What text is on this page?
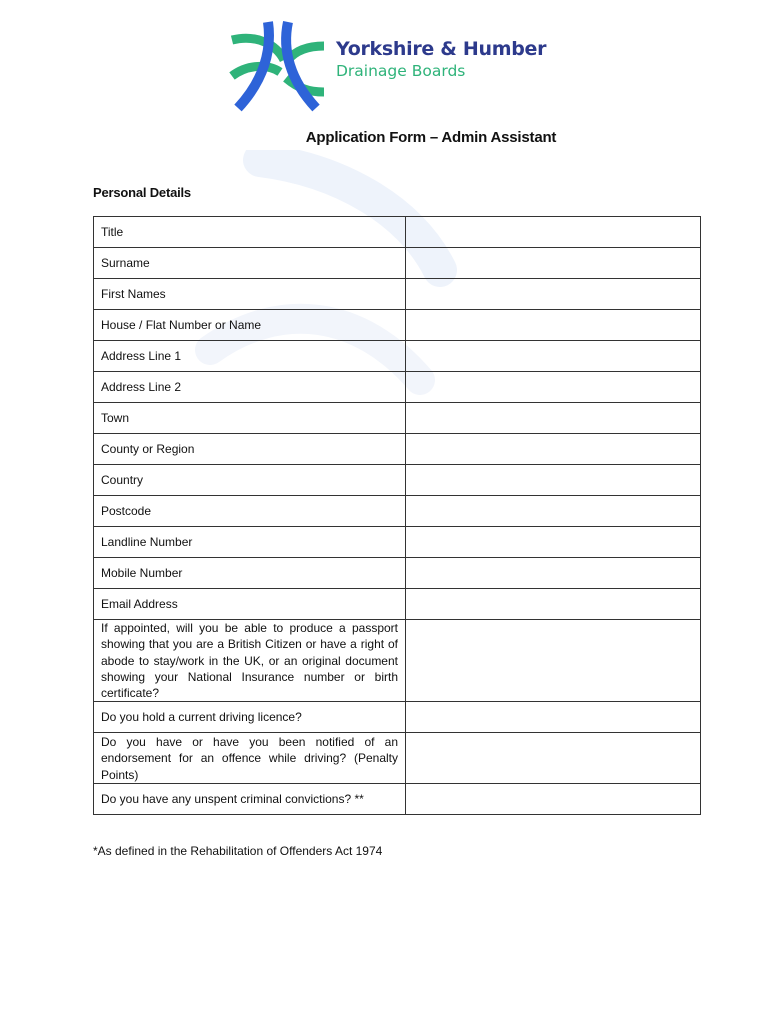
Yorkshire & Humber
Drainage Boards
Application Form – Admin Assistant
Personal Details
Title	
Surname	
First Names	
House / Flat Number or Name	
Address Line 1	
Address Line 2	
Town	
County or Region	
Country	
Postcode	
Landline Number	
Mobile Number	
Email Address	
If appointed, will you be able to produce a passport showing that you are a British Citizen or have a right of abode to stay/work in the UK, or an original document showing your National Insurance number or birth certificate?	
Do you hold a current driving licence?	
Do you have or have you been notified of an endorsement for an offence while driving? (Penalty Points)	
Do you have any unspent criminal convictions? **	
*As defined in the Rehabilitation of Offenders Act 1974
